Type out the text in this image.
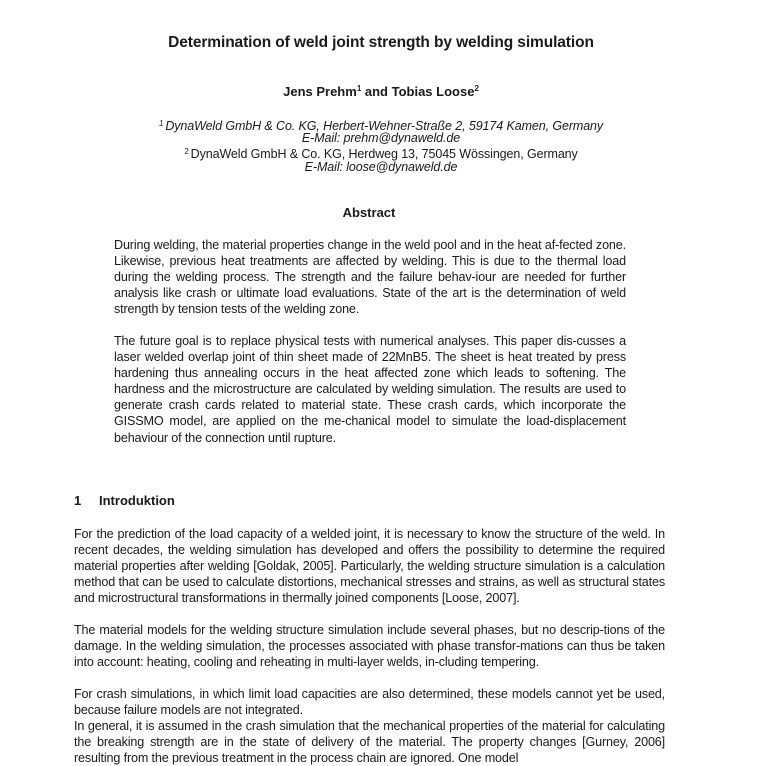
Determination of weld joint strength by welding simulation
Jens Prehm$^1$ and Tobias Loose$^2$
$^1$ DynaWeld GmbH & Co. KG, Herbert-Wehner-Straße 2, 59174 Kamen, Germany
E-Mail: prehm@dynaweld.de
$^2$ DynaWeld GmbH & Co. KG, Herdweg 13, 75045 Wössingen, Germany
E-Mail: loose@dynaweld.de
Abstract

During welding, the material properties change in the weld pool and in the heat af-fected zone. Likewise, previous heat treatments are affected by welding. This is due to the thermal load during the welding process. The strength and the failure behav-iour are needed for further analysis like crash or ultimate load evaluations. State of the art is the determination of weld strength by tension tests of the welding zone.

The future goal is to replace physical tests with numerical analyses. This paper dis-cusses a laser welded overlap joint of thin sheet made of 22MnB5. The sheet is heat treated by press hardening thus annealing occurs in the heat affected zone which leads to softening. The hardness and the microstructure are calculated by welding simulation. The results are used to generate crash cards related to material state. These crash cards, which incorporate the GISSMO model, are applied on the me-chanical model to simulate the load-displacement behaviour of the connection until rupture.

1 Introduktion

For the prediction of the load capacity of a welded joint, it is necessary to know the structure of the weld. In recent decades, the welding simulation has developed and offers the possibility to determine the required material properties after welding [Goldak, 2005]. Particularly, the welding structure simulation is a calculation method that can be used to calculate distortions, mechanical stresses and strains, as well as structural states and microstructural transformations in thermally joined components [Loose, 2007].

The material models for the welding structure simulation include several phases, but no descrip-tions of the damage. In the welding simulation, the processes associated with phase transfor-mations can thus be taken into account: heating, cooling and reheating in multi-layer welds, in-cluding tempering.

For crash simulations, in which limit load capacities are also determined, these models cannot yet be used, because failure models are not integrated.

In general, it is assumed in the crash simulation that the mechanical properties of the material for calculating the breaking strength are in the state of delivery of the material. The property changes [Gurney, 2006] resulting from the previous treatment in the process chain are ignored. One model
